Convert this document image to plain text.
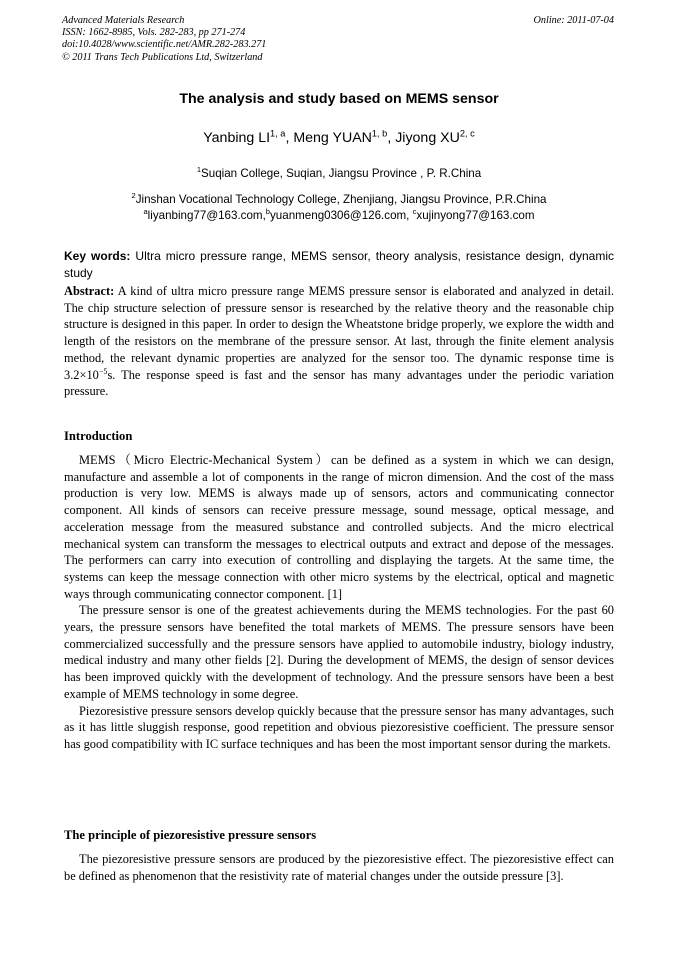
Advanced Materials Research
ISSN: 1662-8985, Vols. 282-283, pp 271-274
doi:10.4028/www.scientific.net/AMR.282-283.271
© 2011 Trans Tech Publications Ltd, Switzerland
Online: 2011-07-04
The analysis and study based on MEMS sensor
Yanbing LI$^{1, a}$, Meng YUAN$^{1, b}$, Jiyong XU$^{2, c}$
$^1$Suqian College, Suqian, Jiangsu Province , P. R.China
$^2$Jinshan Vocational Technology College, Zhenjiang, Jiangsu Province, P.R.China
$^a$liyanbing77@163.com,$^b$yuanmeng0306@126.com, $^c$xujinyong77@163.com
Key words: Ultra micro pressure range, MEMS sensor, theory analysis, resistance design, dynamic study
Abstract: A kind of ultra micro pressure range MEMS pressure sensor is elaborated and analyzed in detail. The chip structure selection of pressure sensor is researched by the relative theory and the reasonable chip structure is designed in this paper. In order to design the Wheatstone bridge properly, we explore the width and length of the resistors on the membrane of the pressure sensor. At last, through the finite element analysis method, the relevant dynamic properties are analyzed for the sensor too. The dynamic response time is $3.2\times 10^{-5}s$. The response speed is fast and the sensor has many advantages under the periodic variation pressure.
Introduction

MEMS（Micro Electric-Mechanical System）can be defined as a system in which we can design, manufacture and assemble a lot of components in the range of micron dimension. And the cost of the mass production is very low. MEMS is always made up of sensors, actors and communicating connector component. All kinds of sensors can receive pressure message, sound message, optical message, and acceleration message from the measured substance and controlled subjects. And the micro electrical mechanical system can transform the messages to electrical outputs and extract and depose of the messages. The performers can carry into execution of controlling and displaying the targets. At the same time, the systems can keep the message connection with other micro systems by the electrical, optical and magnetic ways through communicating connector component. [1]

The pressure sensor is one of the greatest achievements during the MEMS technologies. For the past 60 years, the pressure sensors have benefited the total markets of MEMS. The pressure sensors have been commercialized successfully and the pressure sensors have applied to automobile industry, biology industry, medical industry and many other fields [2]. During the development of MEMS, the design of sensor devices has been improved quickly with the development of technology. And the pressure sensors have been a best example of MEMS technology in some degree.

Piezoresistive pressure sensors develop quickly because that the pressure sensor has many advantages, such as it has little sluggish response, good repetition and obvious piezoresistive coefficient. The pressure sensor has good compatibility with IC surface techniques and has been the most important sensor during the markets.

The principle of piezoresistive pressure sensors

The piezoresistive pressure sensors are produced by the piezoresistive effect. The piezoresistive effect can be defined as phenomenon that the resistivity rate of material changes under the outside pressure [3].
